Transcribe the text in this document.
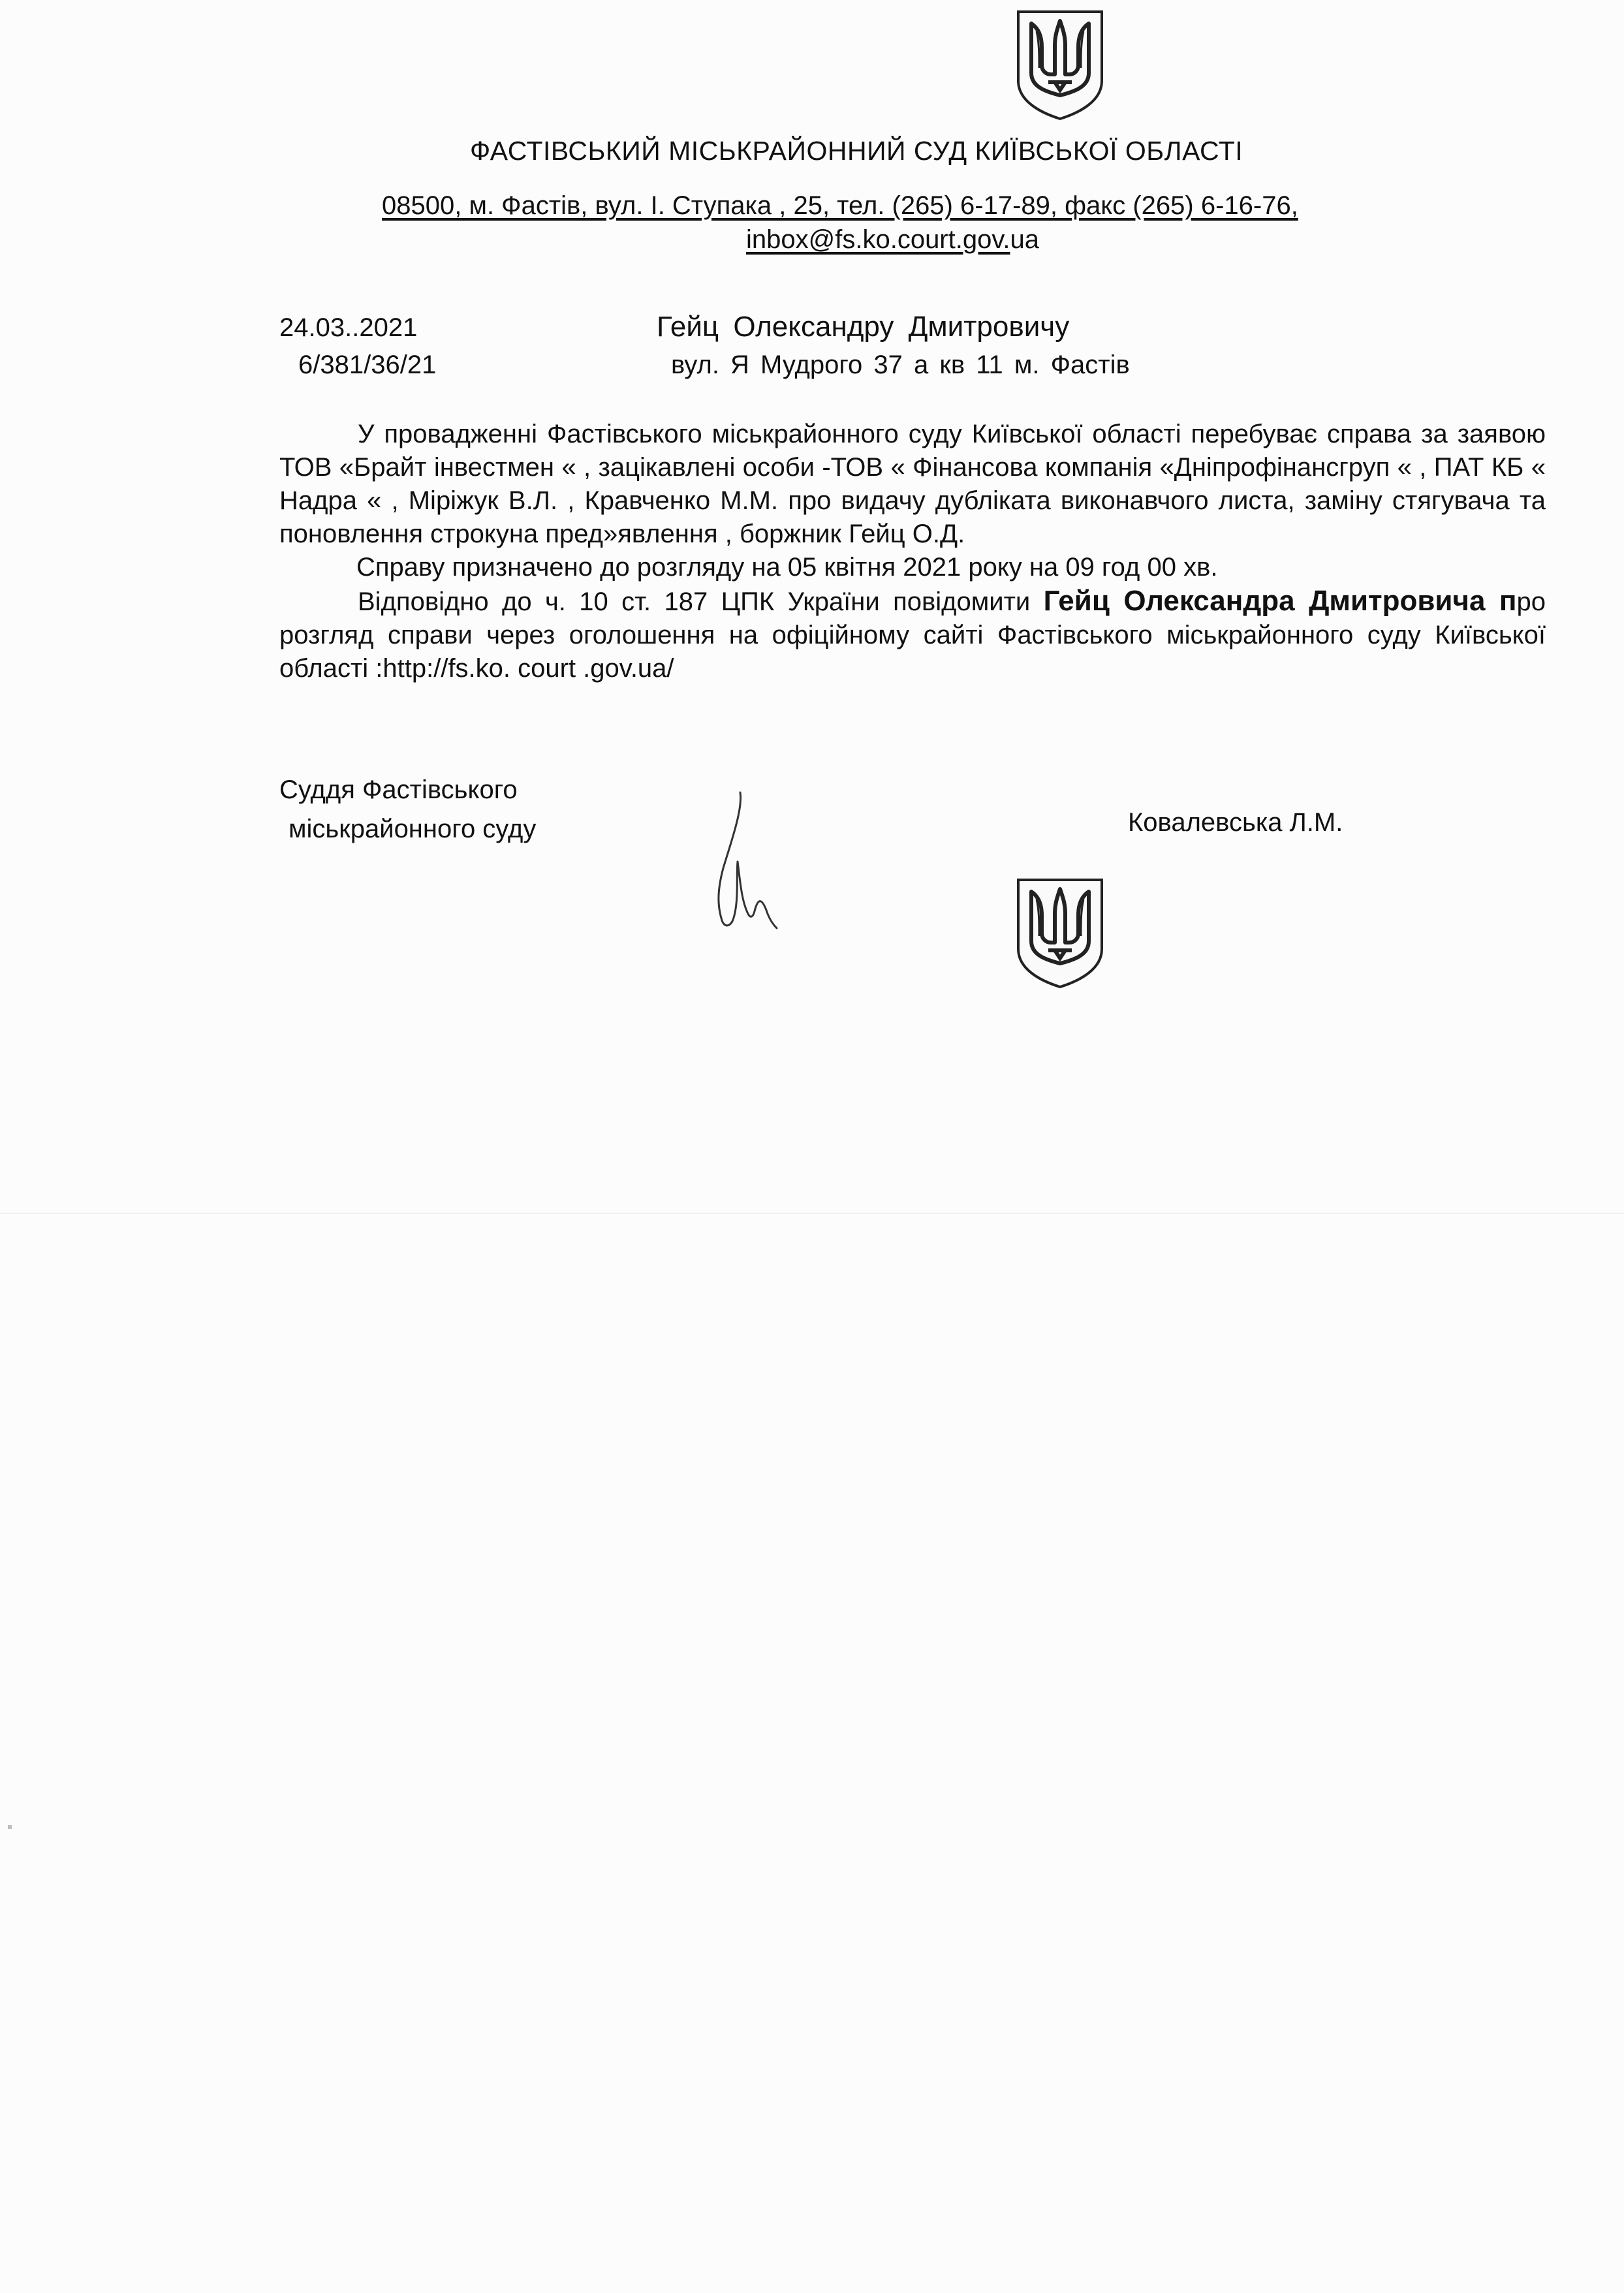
ФАСТІВСЬКИЙ МІСЬКРАЙОННИЙ СУД КИЇВСЬКОЇ ОБЛАСТІ
08500, м. Фастів, вул. І. Ступака , 25, тел. (265) 6-17-89, факс (265) 6-16-76,
inbox@fs.ko.court.gov.ua
24.03..2021
6/381/36/21
Гейц Олександру Дмитровичу
вул. Я Мудрого 37 а кв 11 м. Фастів

У провадженні Фастівського міськрайонного суду Київської області перебуває справа за заявою ТОВ «Брайт інвестмен « , зацікавлені особи -ТОВ « Фінансова компанія «Дніпрофінансгруп « , ПАТ КБ « Надра « , Міріжук В.Л. , Кравченко М.М. про видачу дубліката виконавчого листа, заміну стягувача та поновлення строкуна пред»явлення , боржник Гейц О.Д.

Справу призначено до розгляду на 05 квітня 2021 року на 09 год 00 хв.

Відповідно до ч. 10 ст. 187 ЦПК України повідомити Гейц Олександра Дмитровича про розгляд справи через оголошення на офіційному сайті Фастівського міськрайонного суду Київської області :http://fs.ko. court .gov.ua/

Суддя Фастівського
міськрайонного суду	Ковалевська Л.М.
